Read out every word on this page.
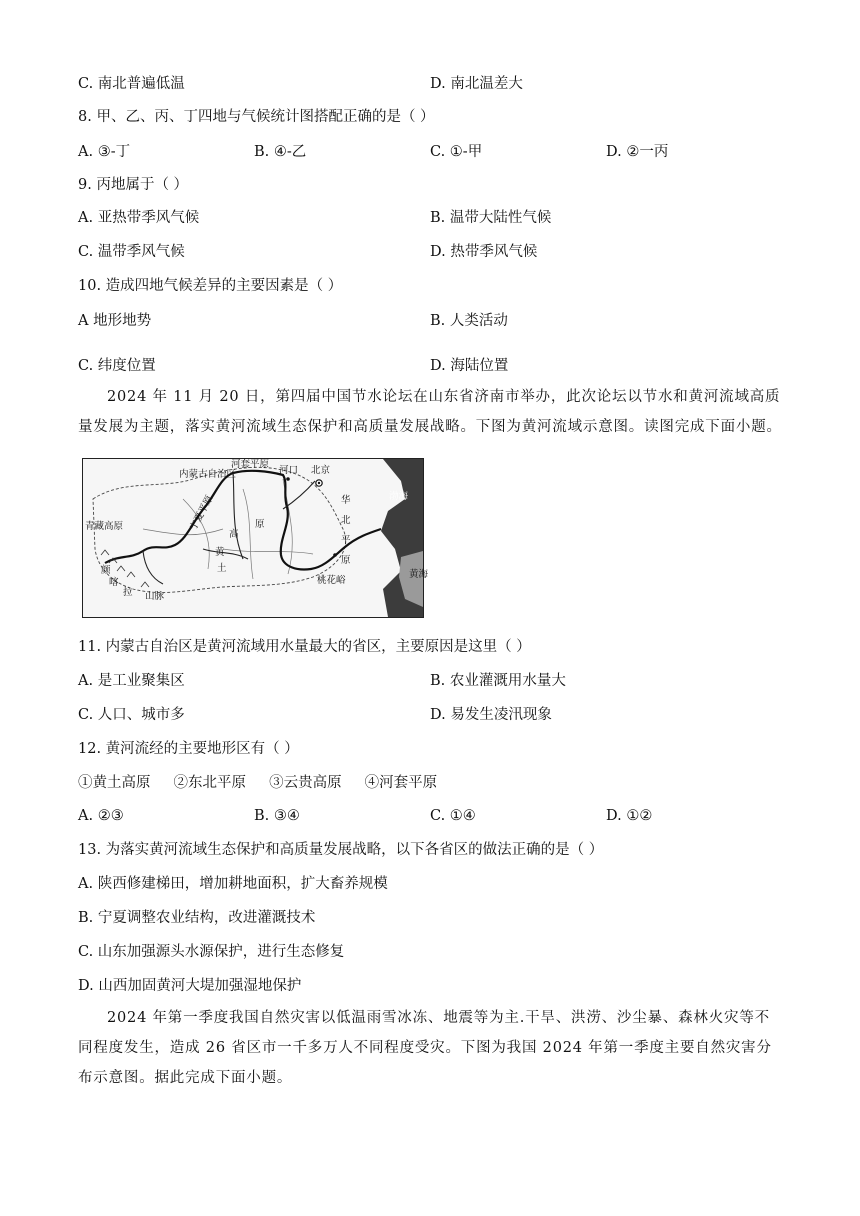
C. 南北普遍低温	D. 南北温差大
8. 甲、乙、丙、丁四地与气候统计图搭配正确的是（ ）
A. ③-丁	B. ④-乙	C. ①-甲	D. ②一丙
9. 丙地属于（ ）
A. 亚热带季风气候	B. 温带大陆性气候
C. 温带季风气候	D. 热带季风气候
10. 造成四地气候差异的主要因素是（ ）
A 地形地势	B. 人类活动
C. 纬度位置	D. 海陆位置
2024 年 11 月 20 日，第四届中国节水论坛在山东省济南市举办，此次论坛以节水和黄河流域高质量发展为主题，落实黄河流域生态保护和高质量发展战略。下图为黄河流域示意图。读图完成下面小题。
内蒙古自治区
河套平原
宁夏平原
河口 北京
华
北
平
原
渤海
黄海
青藏高原	原
高
黄
土
桃花峪
颜
喀
拉 山脉
11. 内蒙古自治区是黄河流域用水量最大的省区，主要原因是这里（ ）
A. 是工业聚集区	B. 农业灌溉用水量大
C. 人口、城市多	D. 易发生凌汛现象
12. 黄河流经的主要地形区有（ ）
①黄土高原     ②东北平原     ③云贵高原     ④河套平原
A. ②③	B. ③④	C. ①④	D. ①②
13. 为落实黄河流域生态保护和高质量发展战略，以下各省区的做法正确的是（ ）
A. 陕西修建梯田，增加耕地面积，扩大畜养规模
B. 宁夏调整农业结构，改进灌溉技术
C. 山东加强源头水源保护，进行生态修复
D. 山西加固黄河大堤加强湿地保护
2024 年第一季度我国自然灾害以低温雨雪冰冻、地震等为主.干旱、洪涝、沙尘暴、森林火灾等不同程度发生，造成 26 省区市一千多万人不同程度受灾。下图为我国 2024 年第一季度主要自然灾害分布示意图。据此完成下面小题。
